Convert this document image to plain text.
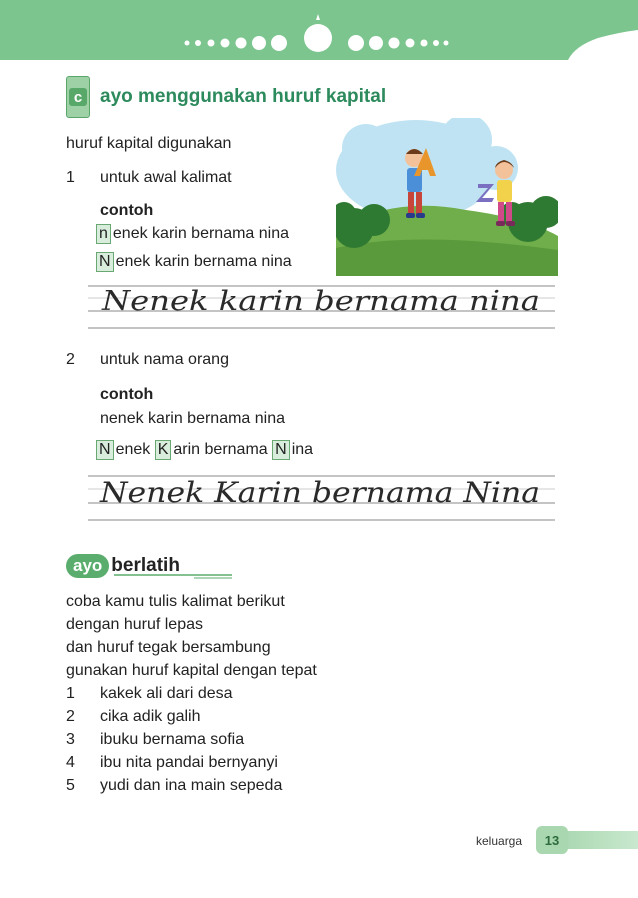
c ayo menggunakan huruf kapital
huruf kapital digunakan
1 untuk awal kalimat
contoh
n enek karin bernama nina
N enek karin bernama nina
Nenek karin bernama nina
2 untuk nama orang
contoh
nenek karin bernama nina
N enek K arin bernama N ina
Nenek Karin bernama Nina
ayo berlatih
coba kamu tulis kalimat berikut
dengan huruf lepas
dan huruf tegak bersambung
gunakan huruf kapital dengan tepat
1 kakek ali dari desa
2 cika adik galih
3 ibuku bernama sofia
4 ibu nita pandai bernyanyi
5 yudi dan ina main sepeda
keluarga	13
